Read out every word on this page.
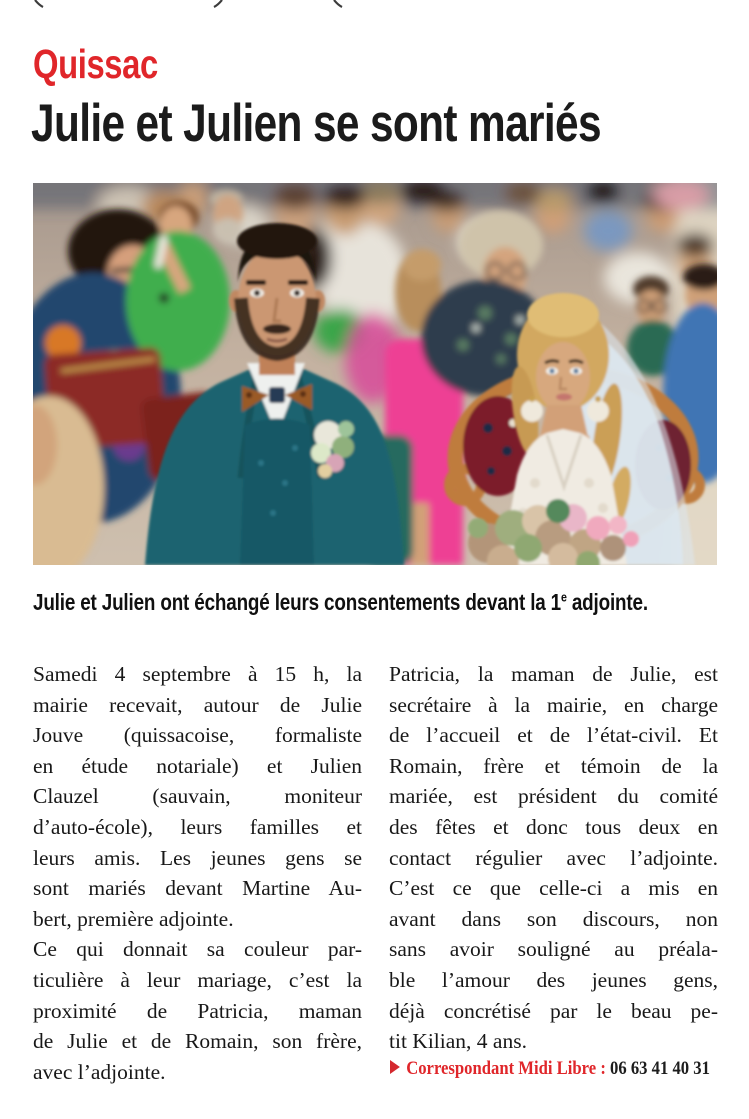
Quissac
Julie et Julien se sont mariés
Julie et Julien ont échangé leurs consentements devant la 1e adjointe.
Samedi 4 septembre à 15 h, la
mairie recevait, autour de Julie
Jouve (quissacoise, formaliste
en étude notariale) et Julien
Clauzel (sauvain, moniteur
d’auto-école), leurs familles et
leurs amis. Les jeunes gens se
sont mariés devant Martine Au-
bert, première adjointe.
Ce qui donnait sa couleur par-
ticulière à leur mariage, c’est la
proximité de Patricia, maman
de Julie et de Romain, son frère,
avec l’adjointe.
Patricia, la maman de Julie, est
secrétaire à la mairie, en charge
de l’accueil et de l’état-civil. Et
Romain, frère et témoin de la
mariée, est président du comité
des fêtes et donc tous deux en
contact régulier avec l’adjointe.
C’est ce que celle-ci a mis en
avant dans son discours, non
sans avoir souligné au préala-
ble l’amour des jeunes gens,
déjà concrétisé par le beau pe-
tit Kilian, 4 ans.
Correspondant Midi Libre : 06 63 41 40 31
